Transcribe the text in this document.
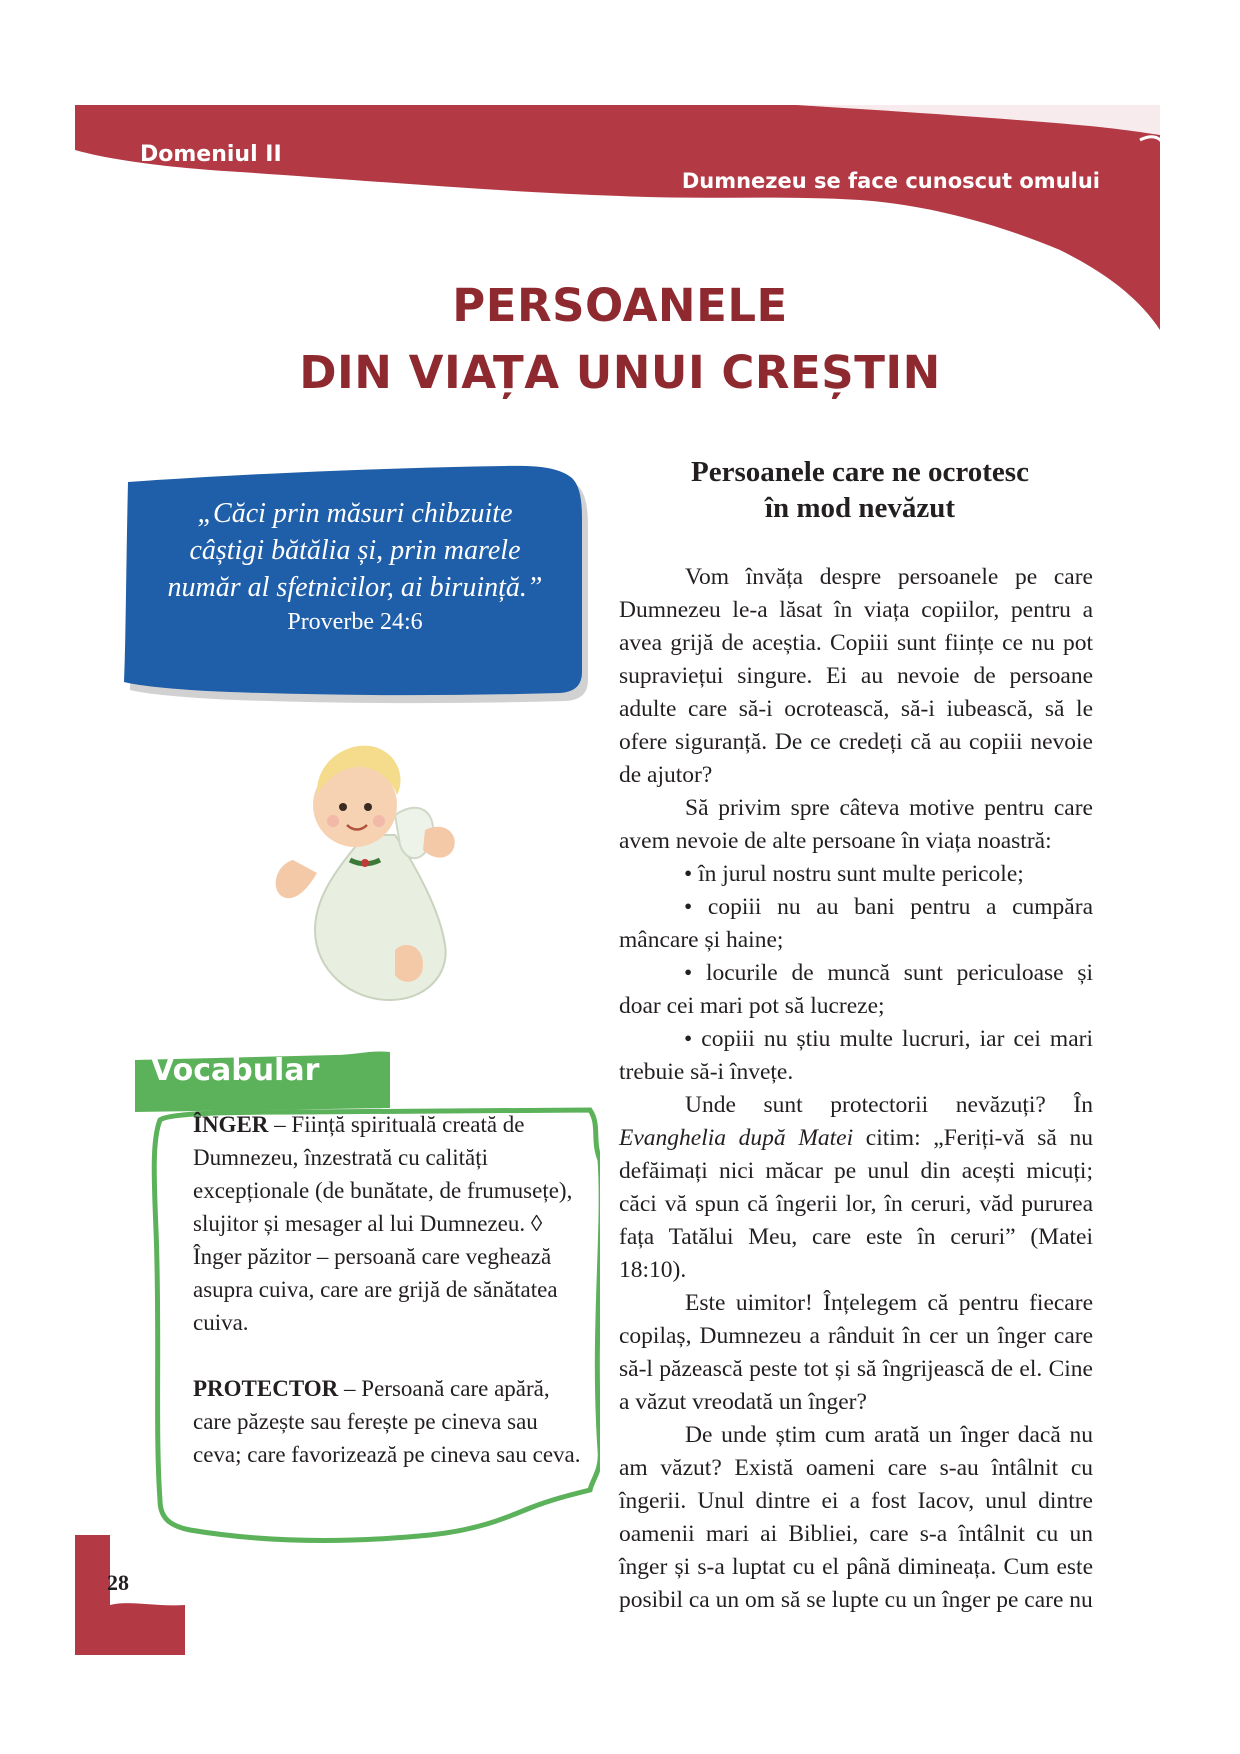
Domeniul II
Dumnezeu se face cunoscut omului
PERSOANELE
DIN VIAȚA UNUI CREȘTIN
„Căci prin măsuri chibzuite
câștigi bătălia și, prin marele
număr al sfetnicilor, ai biruință.”
Proverbe 24:6
Vocabular

ÎNGER – Ființă spirituală creată de Dumnezeu, înzestrată cu calități excepționale (de bunătate, de frumusețe), slujitor și mesager al lui Dumnezeu. ◊ Înger păzitor – persoană care veghează asupra cuiva, care are grijă de sănătatea cuiva.

PROTECTOR – Persoană care apără, care păzește sau ferește pe cineva sau ceva; care favorizează pe cineva sau ceva.

28
Persoanele care ne ocrotesc
în mod nevăzut

Vom învăța despre persoanele pe care Dumnezeu le-a lăsat în viața copiilor, pentru a avea grijă de aceștia. Copiii sunt ființe ce nu pot supraviețui singure. Ei au nevoie de persoane adulte care să-i ocrotească, să-i iubească, să le ofere siguranță. De ce credeți că au copiii nevoie de ajutor?

Să privim spre câteva motive pentru care avem nevoie de alte persoane în viața noastră:

• în jurul nostru sunt multe pericole;

• copiii nu au bani pentru a cumpăra mâncare și haine;

• locurile de muncă sunt periculoase și doar cei mari pot să lucreze;

• copiii nu știu multe lucruri, iar cei mari trebuie să-i învețe.

Unde sunt protectorii nevăzuți? În Evanghelia după Matei citim: „Feriți-vă să nu defăimați nici măcar pe unul din acești micuți; căci vă spun că îngerii lor, în ceruri, văd pururea fața Tatălui Meu, care este în ceruri” (Matei 18:10).

Este uimitor! Înțelegem că pentru fiecare copilaș, Dumnezeu a rânduit în cer un înger care să-l păzească peste tot și să îngrijească de el. Cine a văzut vreodată un înger?

De unde știm cum arată un înger dacă nu am văzut? Există oameni care s-au întâlnit cu îngerii. Unul dintre ei a fost Iacov, unul dintre oamenii mari ai Bibliei, care s-a întâlnit cu un înger și s-a luptat cu el până dimineața. Cum este posibil ca un om să se lupte cu un înger pe care nu
